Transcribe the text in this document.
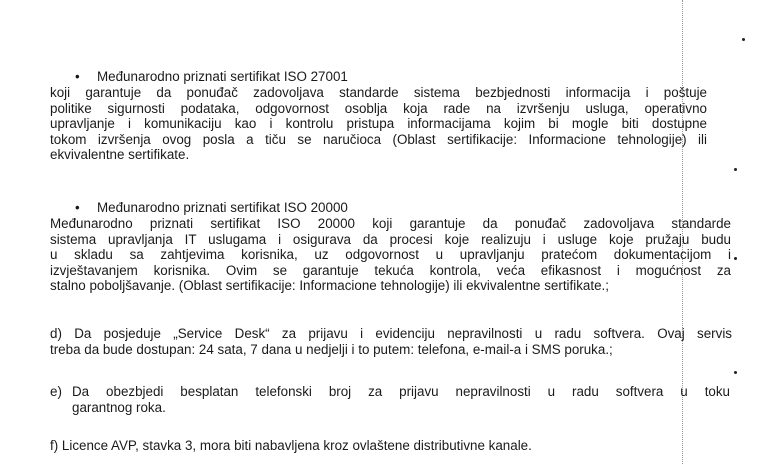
• Međunarodno priznati sertifikat ISO 27001
koji garantuje da ponuđač zadovoljava standarde sistema bezbjednosti informacija i poštuje
politike sigurnosti podataka, odgovornost osoblja koja rade na izvršenju usluga, operativno
upravljanje i komunikaciju kao i kontrolu pristupa informacijama kojim bi mogle biti dostupne
tokom izvršenja ovog posla a tiču se naručioca (Oblast sertifikacije: Informacione tehnologije) ili
ekvivalentne sertifikate.
• Međunarodno priznati sertifikat ISO 20000
Međunarodno priznati sertifikat ISO 20000 koji garantuje da ponuđač zadovoljava standarde
sistema upravljanja IT uslugama i osigurava da procesi koje realizuju i usluge koje pružaju budu
u skladu sa zahtjevima korisnika, uz odgovornost u upravljanju pratećom dokumentacijom i
izvještavanjem korisnika. Ovim se garantuje tekuća kontrola, veća efikasnost i mogućnost za
stalno poboljšavanje. (Oblast sertifikacije: Informacione tehnologije) ili ekvivalentne sertifikate.;
d) Da posjeduje „Service Desk“ za prijavu i evidenciju nepravilnosti u radu softvera. Ovaj servis
treba da bude dostupan: 24 sata, 7 dana u nedjelji i to putem: telefona, e-mail-a i SMS poruka.;
e) Da obezbjedi besplatan telefonski broj za prijavu nepravilnosti u radu softvera u toku
garantnog roka.
f) Licence AVP, stavka 3, mora biti nabavljena kroz ovlaštene distributivne kanale.
